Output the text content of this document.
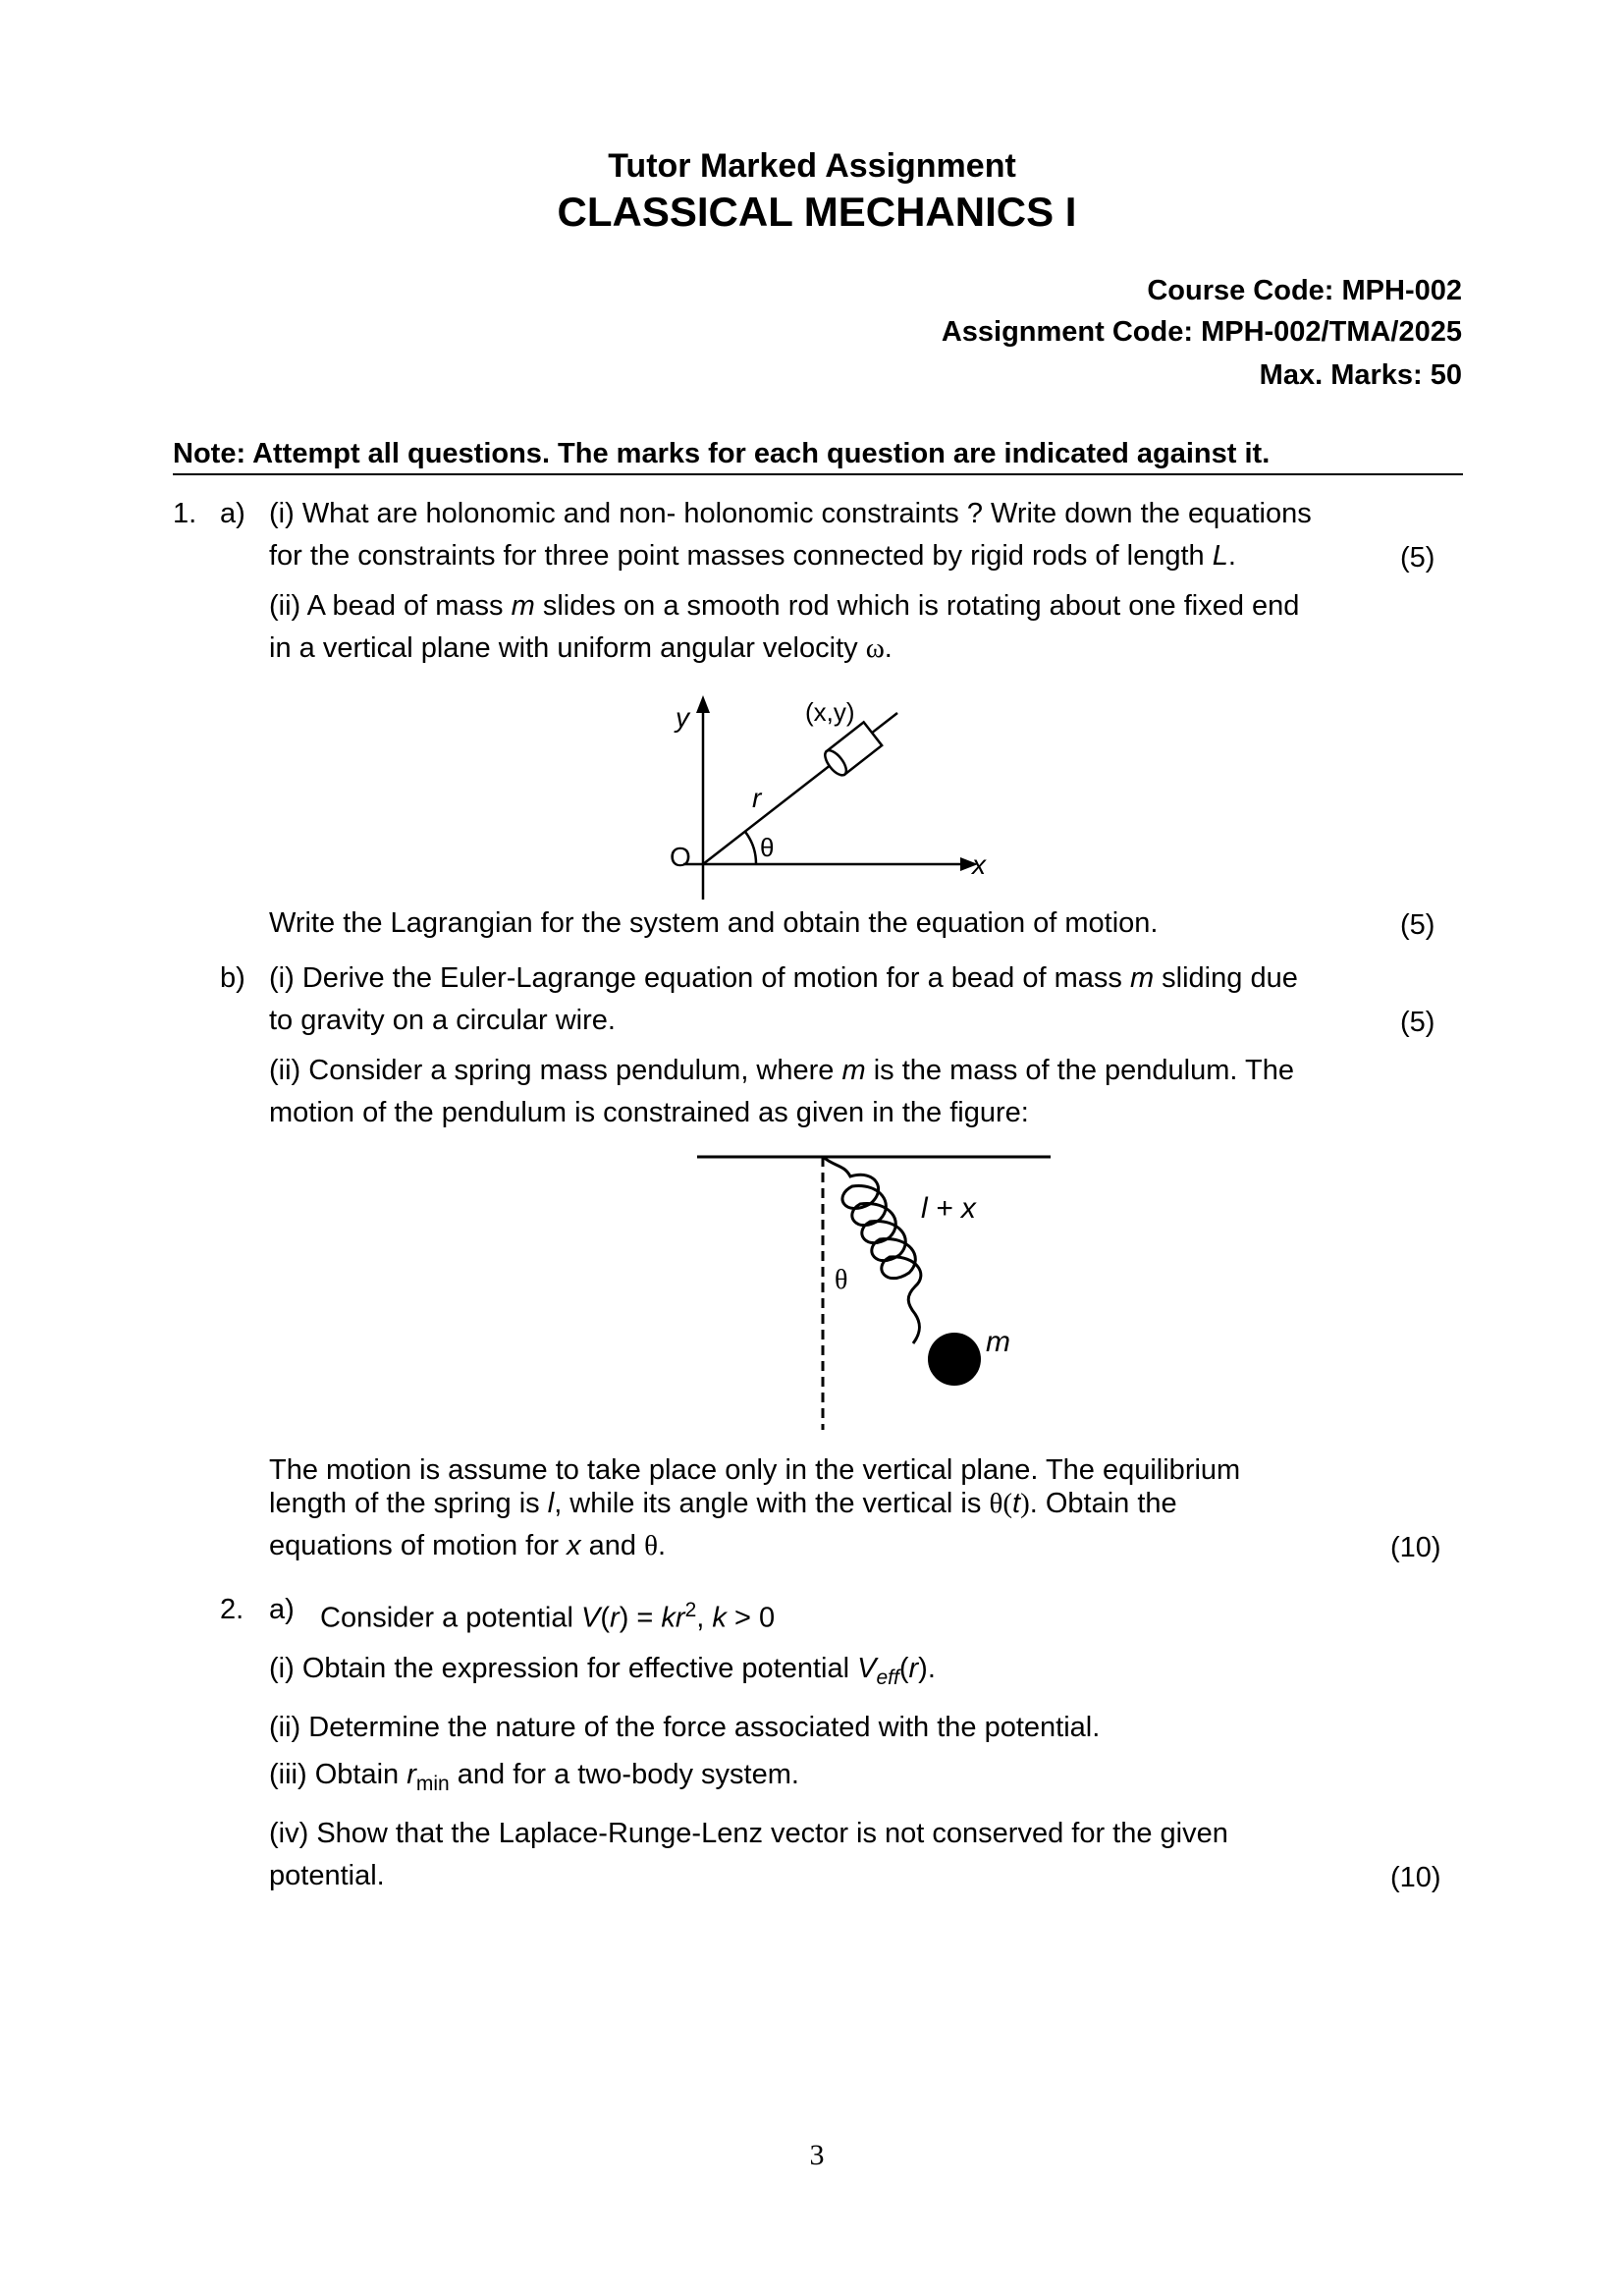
Tutor Marked Assignment
CLASSICAL MECHANICS I
Course Code: MPH-002
Assignment Code: MPH-002/TMA/2025
Max. Marks: 50
Note: Attempt all questions. The marks for each question are indicated against it.
1. a) (i) What are holonomic and non- holonomic constraints ? Write down the equations
for the constraints for three point masses connected by rigid rods of length L.	(5)
(ii) A bead of mass m slides on a smooth rod which is rotating about one fixed end
in a vertical plane with uniform angular velocity ω.
y	(x,y)
r
O	θ
x
Write the Lagrangian for the system and obtain the equation of motion.	(5)
b) (i) Derive the Euler-Lagrange equation of motion for a bead of mass m sliding due
to gravity on a circular wire.	(5)
(ii) Consider a spring mass pendulum, where m is the mass of the pendulum. The
motion of the pendulum is constrained as given in the figure:
l + x
θ
m
The motion is assume to take place only in the vertical plane. The equilibrium
length of the spring is l, while its angle with the vertical is θ(t). Obtain the
equations of motion for x and θ.	(10)
2. a) Consider a potential $V(r) = kr^2$, k > 0
(i) Obtain the expression for effective potential $V_{eff}(r)$.
(ii) Determine the nature of the force associated with the potential.
(iii) Obtain $r_{min}$ and for a two-body system.
(iv) Show that the Laplace-Runge-Lenz vector is not conserved for the given
potential.	(10)
3
